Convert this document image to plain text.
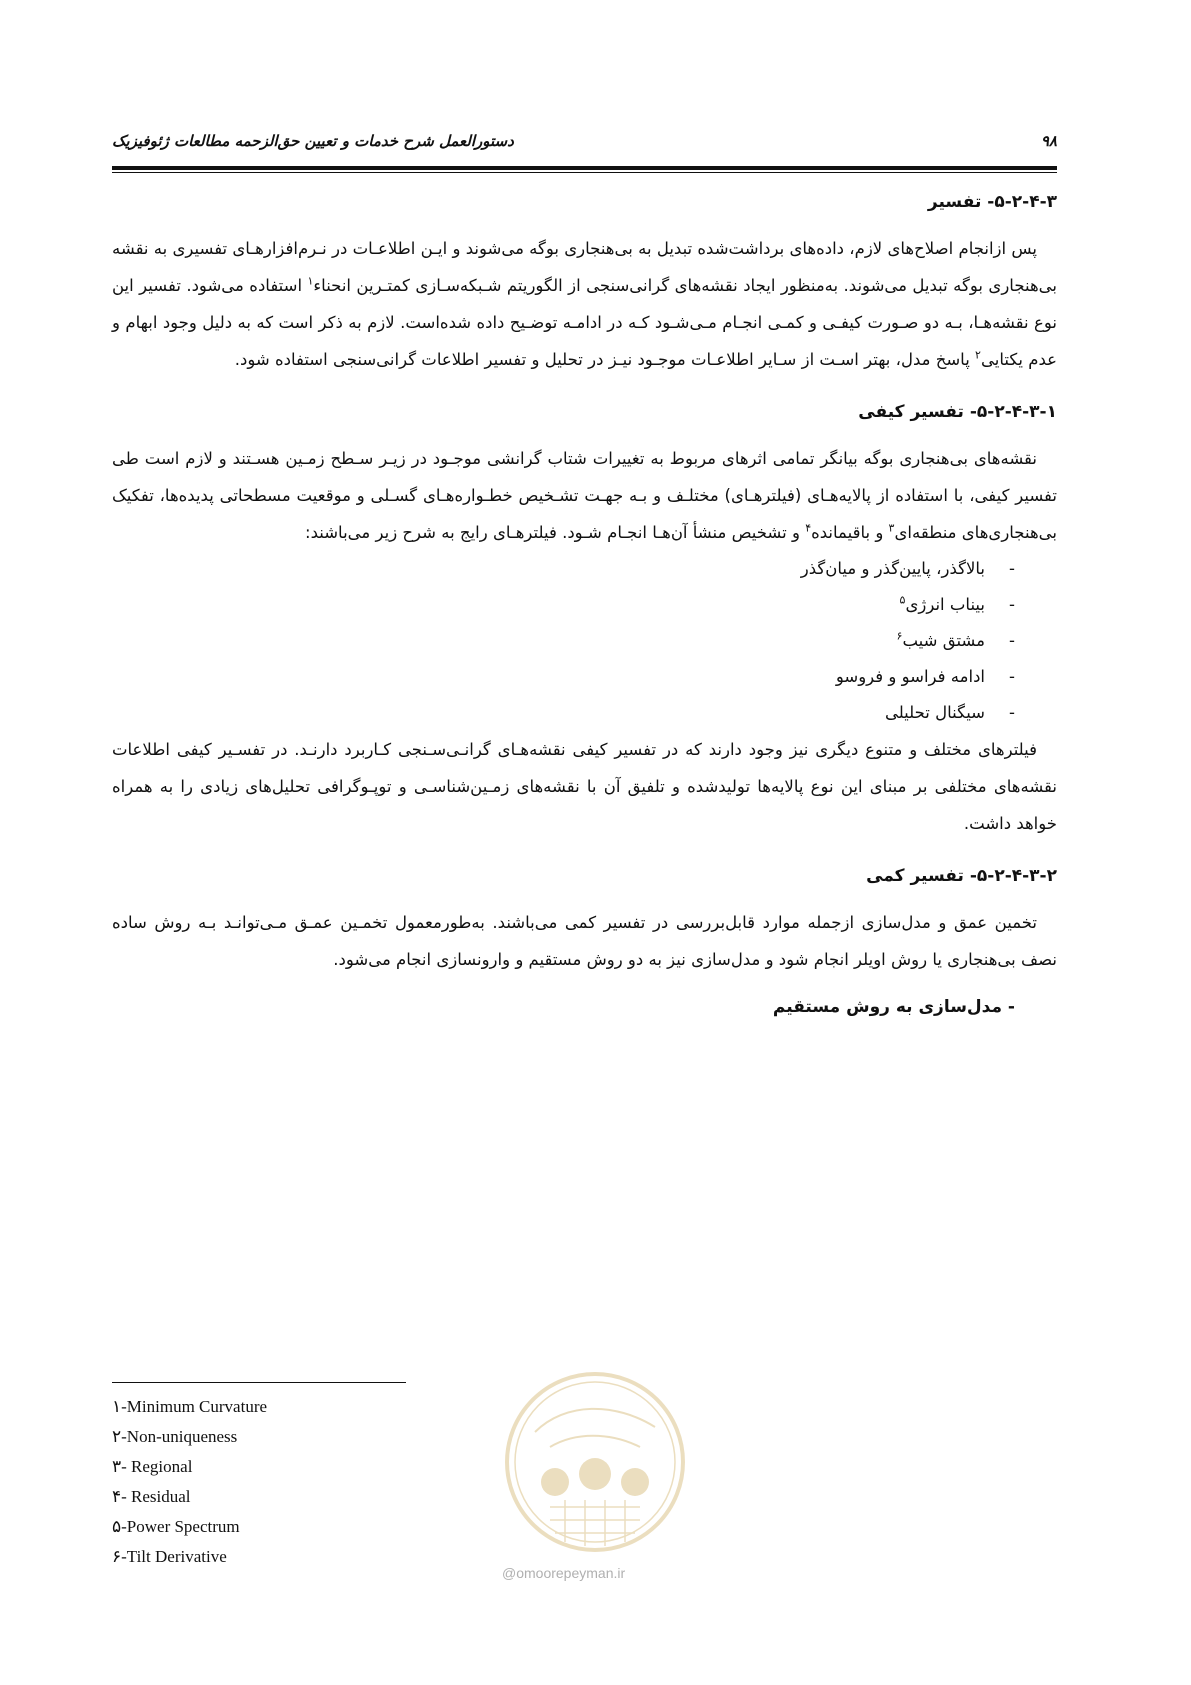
۹۸
دستورالعمل شرح خدمات و تعیین حق‌الزحمه مطالعات ژئوفیزیک
۵-۲-۴-۳- تفسیر

پس ازانجام اصلاح‌های لازم، داده‌های برداشت‌شده تبدیل به بی‌هنجاری بوگه می‌شوند و ایـن اطلاعـات در نـرم‌افزارهـای تفسیری به نقشه بی‌هنجاری بوگه تبدیل می‌شوند. به‌منظور ایجاد نقشه‌های گرانی‌سنجی از الگوریتم شـبکه‌سـازی کمتـرین انحناء$^۱$ استفاده می‌شود. تفسیر این نوع نقشه‌هـا، بـه دو صـورت کیفـی و کمـی انجـام مـی‌شـود کـه در ادامـه توضـیح داده شده‌است. لازم به ذکر است که به دلیل وجود ابهام و عدم یکتایی$^۲$ پاسخ مدل، بهتر اسـت از سـایر اطلاعـات موجـود نیـز در تحلیل و تفسیر اطلاعات گرانی‌سنجی استفاده شود.

۵-۲-۴-۳-۱- تفسیر کیفی

نقشه‌های بی‌هنجاری بوگه بیانگر تمامی اثرهای مربوط به تغییرات شتاب گرانشی موجـود در زیـر سـطح زمـین هسـتند و لازم است طی تفسیر کیفی، با استفاده از پالایه‌هـای (فیلترهـای) مختلـف و بـه جهـت تشـخیص خطـواره‌هـای گسـلی و موقعیت مسطحاتی پدیده‌ها، تفکیک بی‌هنجاری‌های منطقه‌ای$^۳$ و باقیمانده$^۴$ و تشخیص منشأ آن‌هـا انجـام شـود. فیلترهـای رایج به شرح زیر می‌باشند:

-بالاگذر، پایین‌گذر و میان‌گذر
-بیناب انرژی$^۵$
-مشتق شیب$^۶$
-ادامه فراسو و فروسو
-سیگنال تحلیلی

فیلترهای مختلف و متنوع دیگری نیز وجود دارند که در تفسیر کیفی نقشه‌هـای گرانـی‌سـنجی کـاربرد دارنـد. در تفسـیر کیفی اطلاعات نقشه‌های مختلفی بر مبنای این نوع پالایه‌ها تولیدشده و تلفیق آن با نقشه‌های زمـین‌شناسـی و توپـوگرافی تحلیل‌های زیادی را به همراه خواهد داشت.

۵-۲-۴-۳-۲- تفسیر کمی

تخمین عمق و مدل‌سازی ازجمله موارد قابل‌بررسی در تفسیر کمی می‌باشند. به‌طورمعمول تخمـین عمـق مـی‌توانـد بـه روش ساده نصف بی‌هنجاری یا روش اویلر انجام شود و مدل‌سازی نیز به دو روش مستقیم و وارونسازی انجام می‌شود.

- مدل‌سازی به روش مستقیم

۱-Minimum Curvature
۲-Non-uniqueness
۳- Regional
۴- Residual
۵-Power Spectrum
۶-Tilt Derivative
@omoorepeyman.ir
